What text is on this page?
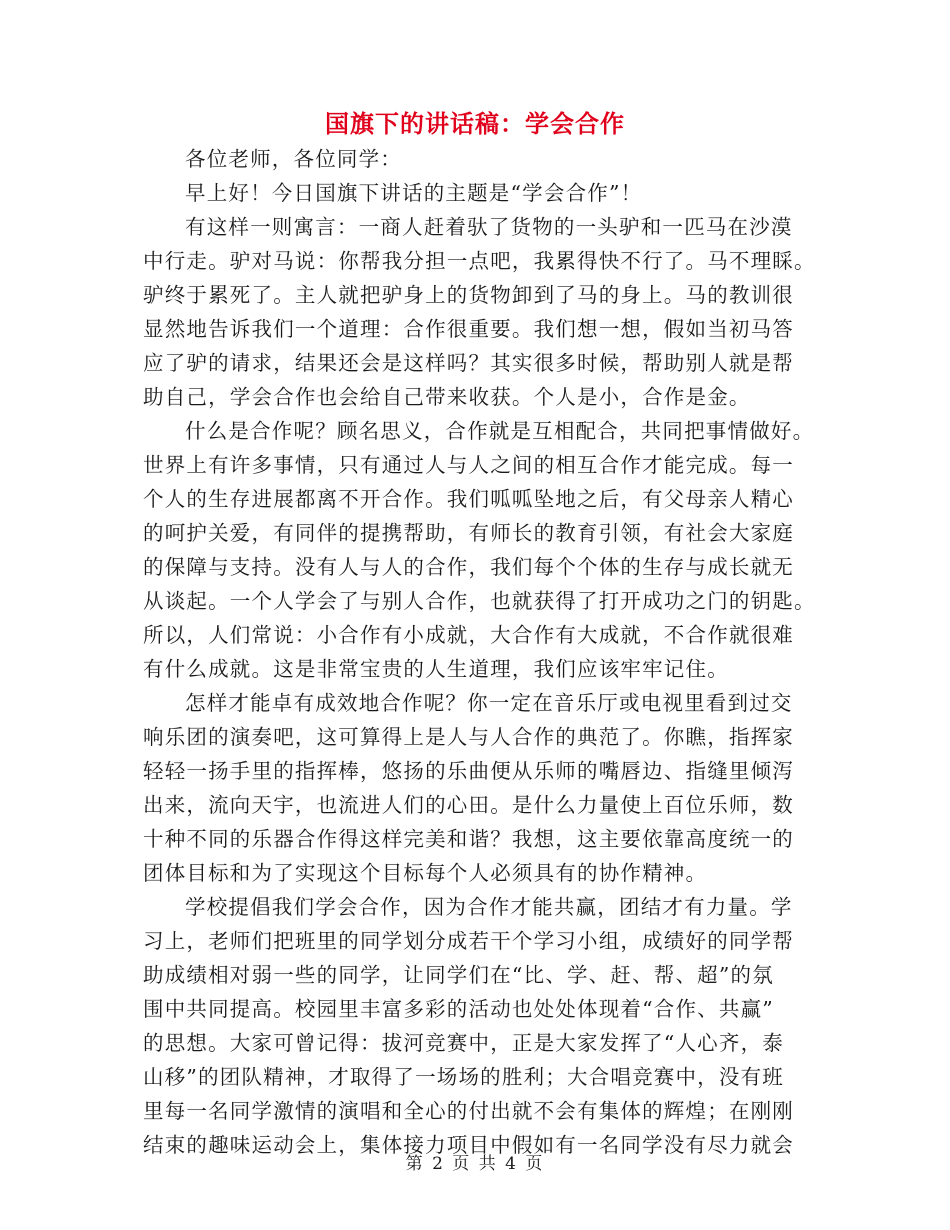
国旗下的讲话稿：学会合作
各位老师，各位同学：
早上好！今日国旗下讲话的主题是“学会合作”！
有这样一则寓言：一商人赶着驮了货物的一头驴和一匹马在沙漠
中行走。驴对马说：你帮我分担一点吧，我累得快不行了。马不理睬。
驴终于累死了。主人就把驴身上的货物卸到了马的身上。马的教训很
显然地告诉我们一个道理：合作很重要。我们想一想，假如当初马答
应了驴的请求，结果还会是这样吗？其实很多时候，帮助别人就是帮
助自己，学会合作也会给自己带来收获。个人是小，合作是金。
什么是合作呢？顾名思义，合作就是互相配合，共同把事情做好。
世界上有许多事情，只有通过人与人之间的相互合作才能完成。每一
个人的生存进展都离不开合作。我们呱呱坠地之后，有父母亲人精心
的呵护关爱，有同伴的提携帮助，有师长的教育引领，有社会大家庭
的保障与支持。没有人与人的合作，我们每个个体的生存与成长就无
从谈起。一个人学会了与别人合作，也就获得了打开成功之门的钥匙。
所以，人们常说：小合作有小成就，大合作有大成就，不合作就很难
有什么成就。这是非常宝贵的人生道理，我们应该牢牢记住。
怎样才能卓有成效地合作呢？你一定在音乐厅或电视里看到过交
响乐团的演奏吧，这可算得上是人与人合作的典范了。你瞧，指挥家
轻轻一扬手里的指挥棒，悠扬的乐曲便从乐师的嘴唇边、指缝里倾泻
出来，流向天宇，也流进人们的心田。是什么力量使上百位乐师，数
十种不同的乐器合作得这样完美和谐？我想，这主要依靠高度统一的
团体目标和为了实现这个目标每个人必须具有的协作精神。
学校提倡我们学会合作，因为合作才能共赢，团结才有力量。学
习上，老师们把班里的同学划分成若干个学习小组，成绩好的同学帮
助成绩相对弱一些的同学，让同学们在“比、学、赶、帮、超”的氛
围中共同提高。校园里丰富多彩的活动也处处体现着“合作、共赢”
的思想。大家可曾记得：拔河竞赛中，正是大家发挥了“人心齐，泰
山移”的团队精神，才取得了一场场的胜利；大合唱竞赛中，没有班
里每一名同学激情的演唱和全心的付出就不会有集体的辉煌；在刚刚
结束的趣味运动会上，集体接力项目中假如有一名同学没有尽力就会
第 2 页 共 4 页
